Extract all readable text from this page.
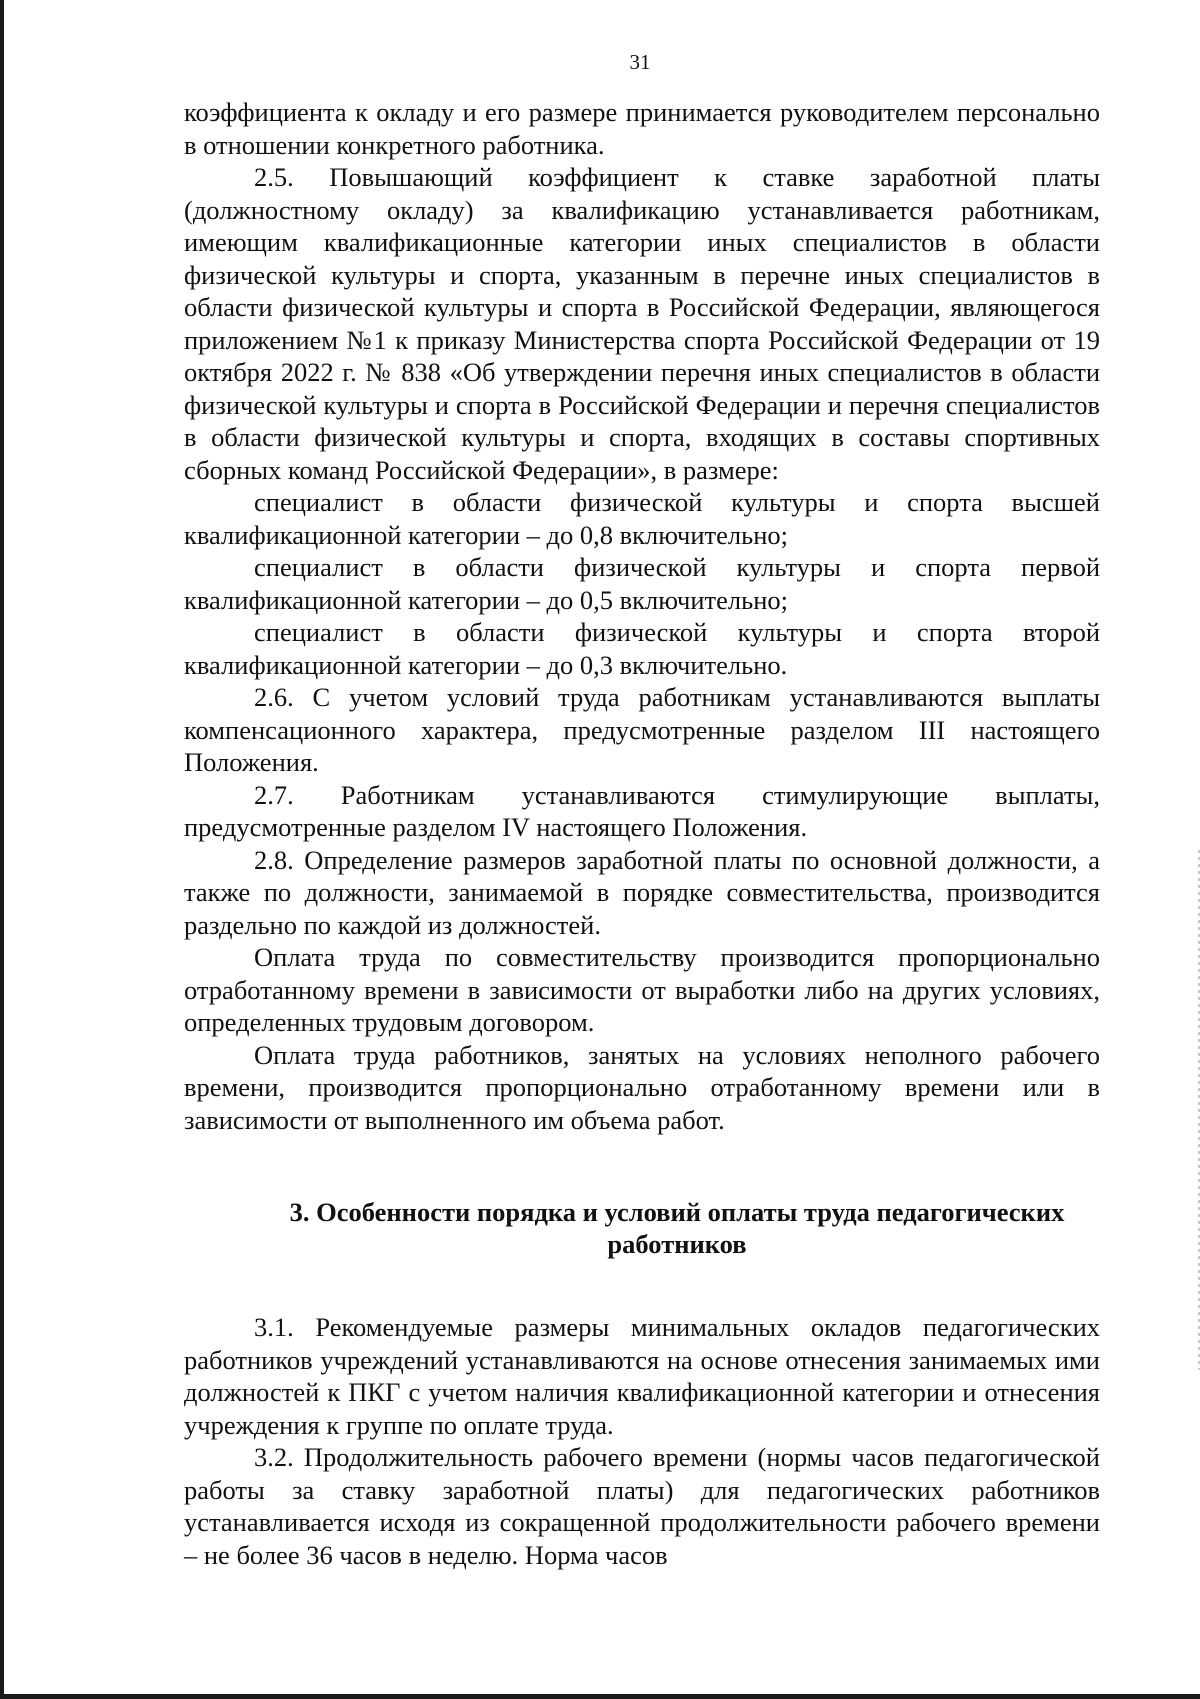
31

коэффициента к окладу и его размере принимается руководителем персонально в отношении конкретного работника.

2.5. Повышающий коэффициент к ставке заработной платы (должностному окладу) за квалификацию устанавливается работникам, имеющим квалификационные категории иных специалистов в области физической культуры и спорта, указанным в перечне иных специалистов в области физической культуры и спорта в Российской Федерации, являющегося приложением №1 к приказу Министерства спорта Российской Федерации от 19 октября 2022 г. № 838 «Об утверждении перечня иных специалистов в области физической культуры и спорта в Российской Федерации и перечня специалистов в области физической культуры и спорта, входящих в составы спортивных сборных команд Российской Федерации», в размере:

специалист в области физической культуры и спорта высшей квалификационной категории – до 0,8 включительно;

специалист в области физической культуры и спорта первой квалификационной категории – до 0,5 включительно;

специалист в области физической культуры и спорта второй квалификационной категории – до 0,3 включительно.

2.6. С учетом условий труда работникам устанавливаются выплаты компенсационного характера, предусмотренные разделом III настоящего Положения.

2.7. Работникам устанавливаются стимулирующие выплаты, предусмотренные разделом IV настоящего Положения.

2.8. Определение размеров заработной платы по основной должности, а также по должности, занимаемой в порядке совместительства, производится раздельно по каждой из должностей.

Оплата труда по совместительству производится пропорционально отработанному времени в зависимости от выработки либо на других условиях, определенных трудовым договором.

Оплата труда работников, занятых на условиях неполного рабочего времени, производится пропорционально отработанному времени или в зависимости от выполненного им объема работ.

3. Особенности порядка и условий оплаты труда педагогических работников

3.1. Рекомендуемые размеры минимальных окладов педагогических работников учреждений устанавливаются на основе отнесения занимаемых ими должностей к ПКГ с учетом наличия квалификационной категории и отнесения учреждения к группе по оплате труда.

3.2. Продолжительность рабочего времени (нормы часов педагогической работы за ставку заработной платы) для педагогических работников устанавливается исходя из сокращенной продолжительности рабочего времени – не более 36 часов в неделю. Норма часов
